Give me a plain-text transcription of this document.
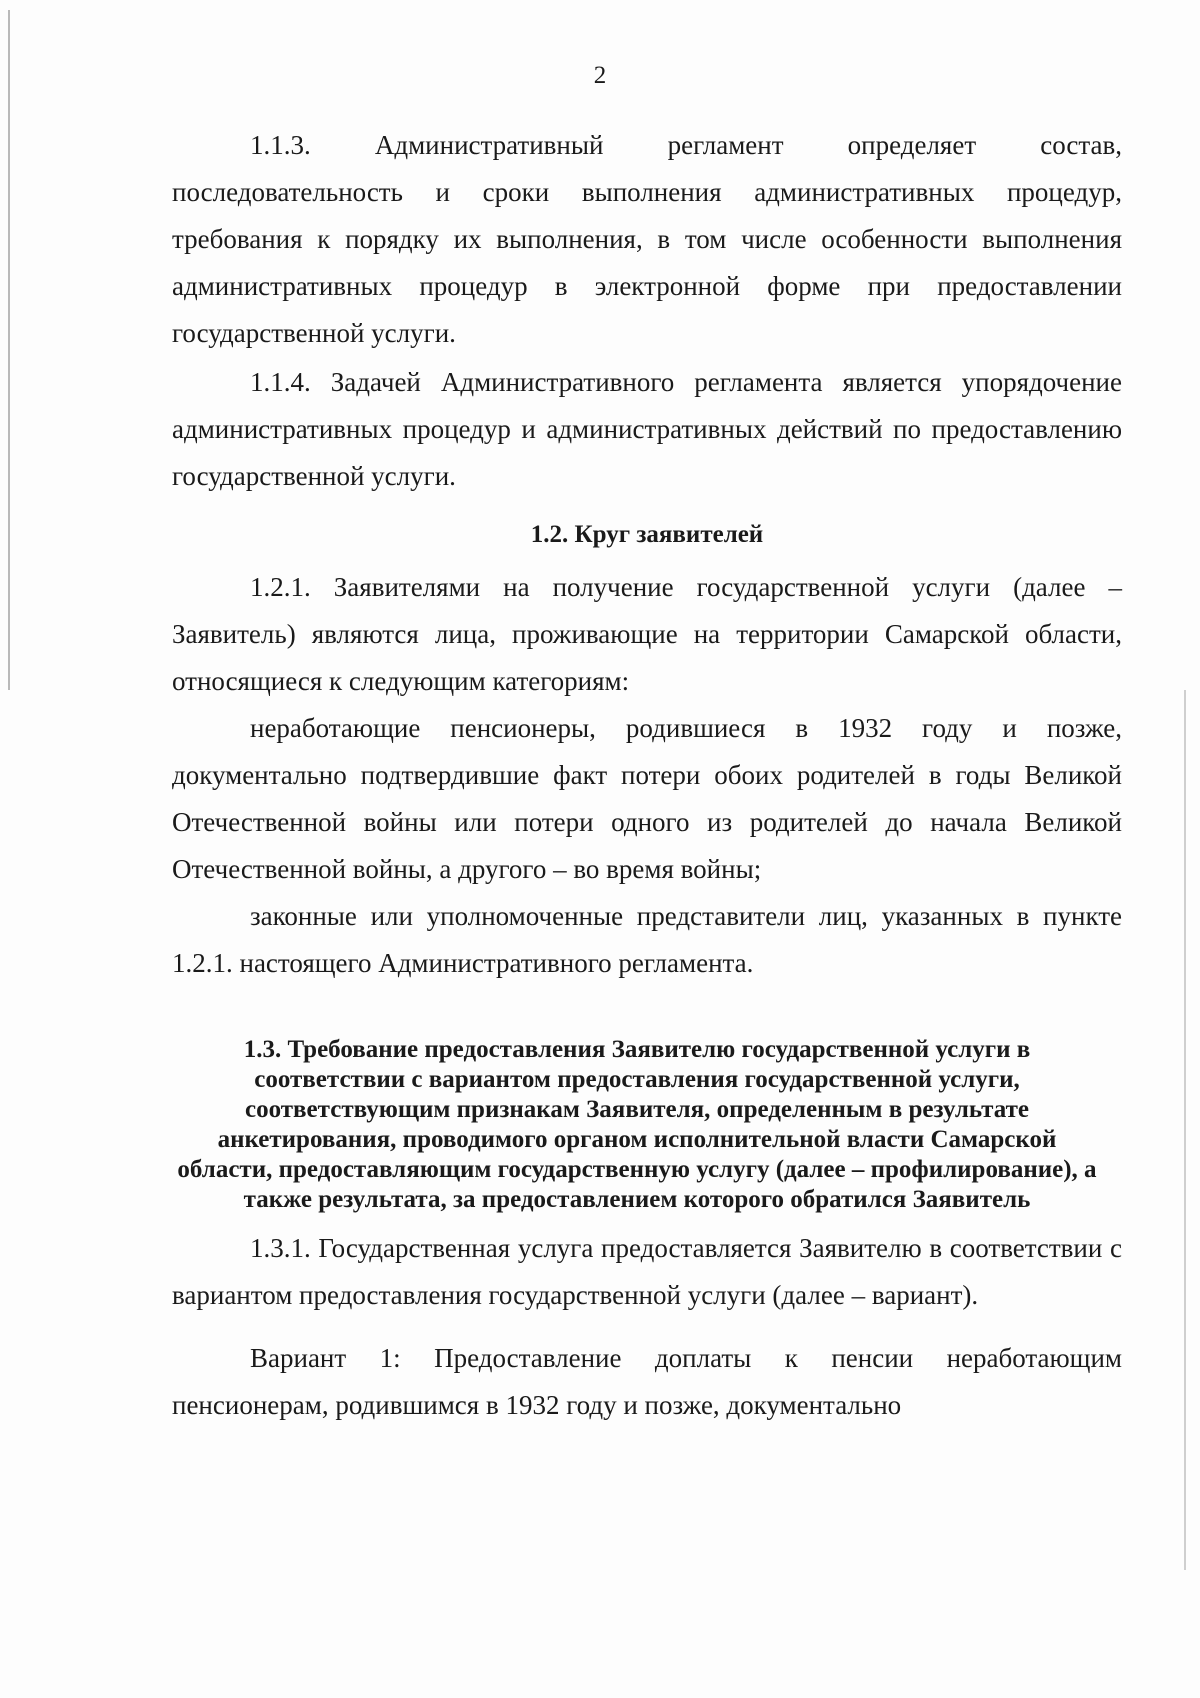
2

1.1.3. Административный регламент определяет состав, последовательность и сроки выполнения административных процедур, требования к порядку их выполнения, в том числе особенности выполнения административных процедур в электронной форме при предоставлении государственной услуги.

1.1.4. Задачей Административного регламента является упорядочение административных процедур и административных действий по предоставлению государственной услуги.

1.2. Круг заявителей

1.2.1. Заявителями на получение государственной услуги (далее – Заявитель) являются лица, проживающие на территории Самарской области, относящиеся к следующим категориям:

неработающие пенсионеры, родившиеся в 1932 году и позже, документально подтвердившие факт потери обоих родителей в годы Великой Отечественной войны или потери одного из родителей до начала Великой Отечественной войны, а другого – во время войны;

законные или уполномоченные представители лиц, указанных в пункте 1.2.1. настоящего Административного регламента.

1.3. Требование предоставления Заявителю государственной услуги в соответствии с вариантом предоставления государственной услуги, соответствующим признакам Заявителя, определенным в результате анкетирования, проводимого органом исполнительной власти Самарской области, предоставляющим государственную услугу (далее – профилирование), а также результата, за предоставлением которого обратился Заявитель

1.3.1. Государственная услуга предоставляется Заявителю в соответствии с вариантом предоставления государственной услуги (далее – вариант).

Вариант 1: Предоставление доплаты к пенсии неработающим пенсионерам, родившимся в 1932 году и позже, документально
